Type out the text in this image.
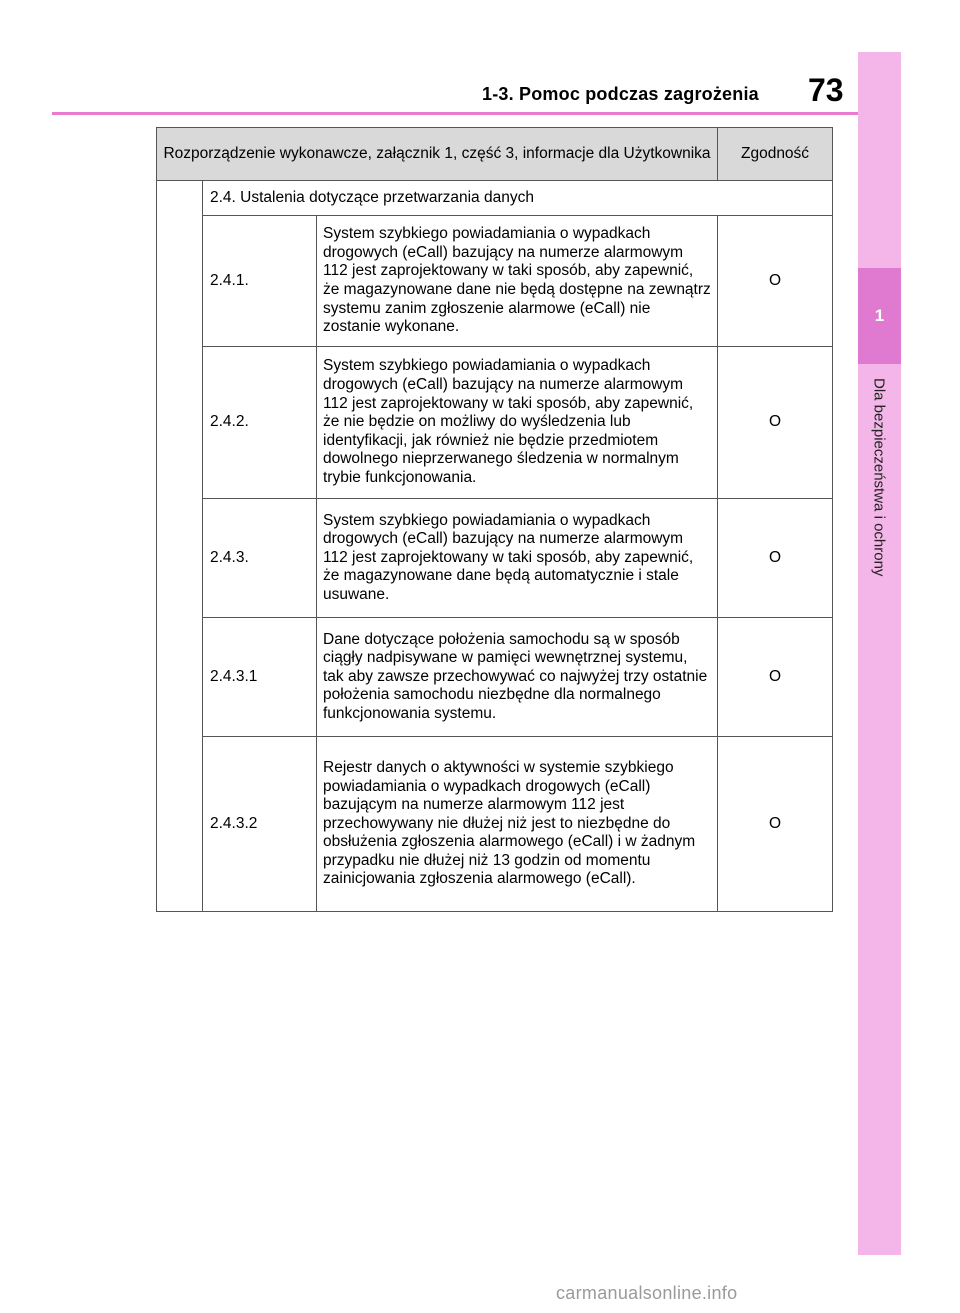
1
Dla bezpieczeństwa i ochrony
1-3. Pomoc podczas zagrożenia 73
Rozporządzenie wykonawcze, załącznik 1, część 3, informacje dla Użytkownika			Zgodność
	2.4. Ustalenia dotyczące przetwarzania danych		
	2.4.1.	System szybkiego powiadamiania o wypadkach drogowych (eCall) bazujący na numerze alarmowym 112 jest zaprojektowany w taki sposób, aby zapewnić, że magazynowane dane nie będą dostępne na zewnątrz systemu zanim zgłoszenie alarmowe (eCall) nie zostanie wykonane.	O
	2.4.2.	System szybkiego powiadamiania o wypadkach drogowych (eCall) bazujący na numerze alarmowym 112 jest zaprojektowany w taki sposób, aby zapewnić, że nie będzie on możliwy do wyśledzenia lub identyfikacji, jak również nie będzie przedmiotem dowolnego nieprzerwanego śledzenia w normalnym trybie funkcjonowania.	O
	2.4.3.	System szybkiego powiadamiania o wypadkach drogowych (eCall) bazujący na numerze alarmowym 112 jest zaprojektowany w taki sposób, aby zapewnić, że magazynowane dane będą automatycznie i stale usuwane.	O
	2.4.3.1	Dane dotyczące położenia samochodu są w sposób ciągły nadpisywane w pamięci wewnętrznej systemu, tak aby zawsze przechowywać co najwyżej trzy ostatnie położenia samochodu niezbędne dla normalnego funkcjonowania systemu.	O
	2.4.3.2	Rejestr danych o aktywności w systemie szybkiego powiadamiania o wypadkach drogowych (eCall) bazującym na numerze alarmowym 112 jest przechowywany nie dłużej niż jest to niezbędne do obsłużenia zgłoszenia alarmowego (eCall) i w żadnym przypadku nie dłużej niż 13 godzin od momentu zainicjowania zgłoszenia alarmowego (eCall).	O
carmanualsonline.info
